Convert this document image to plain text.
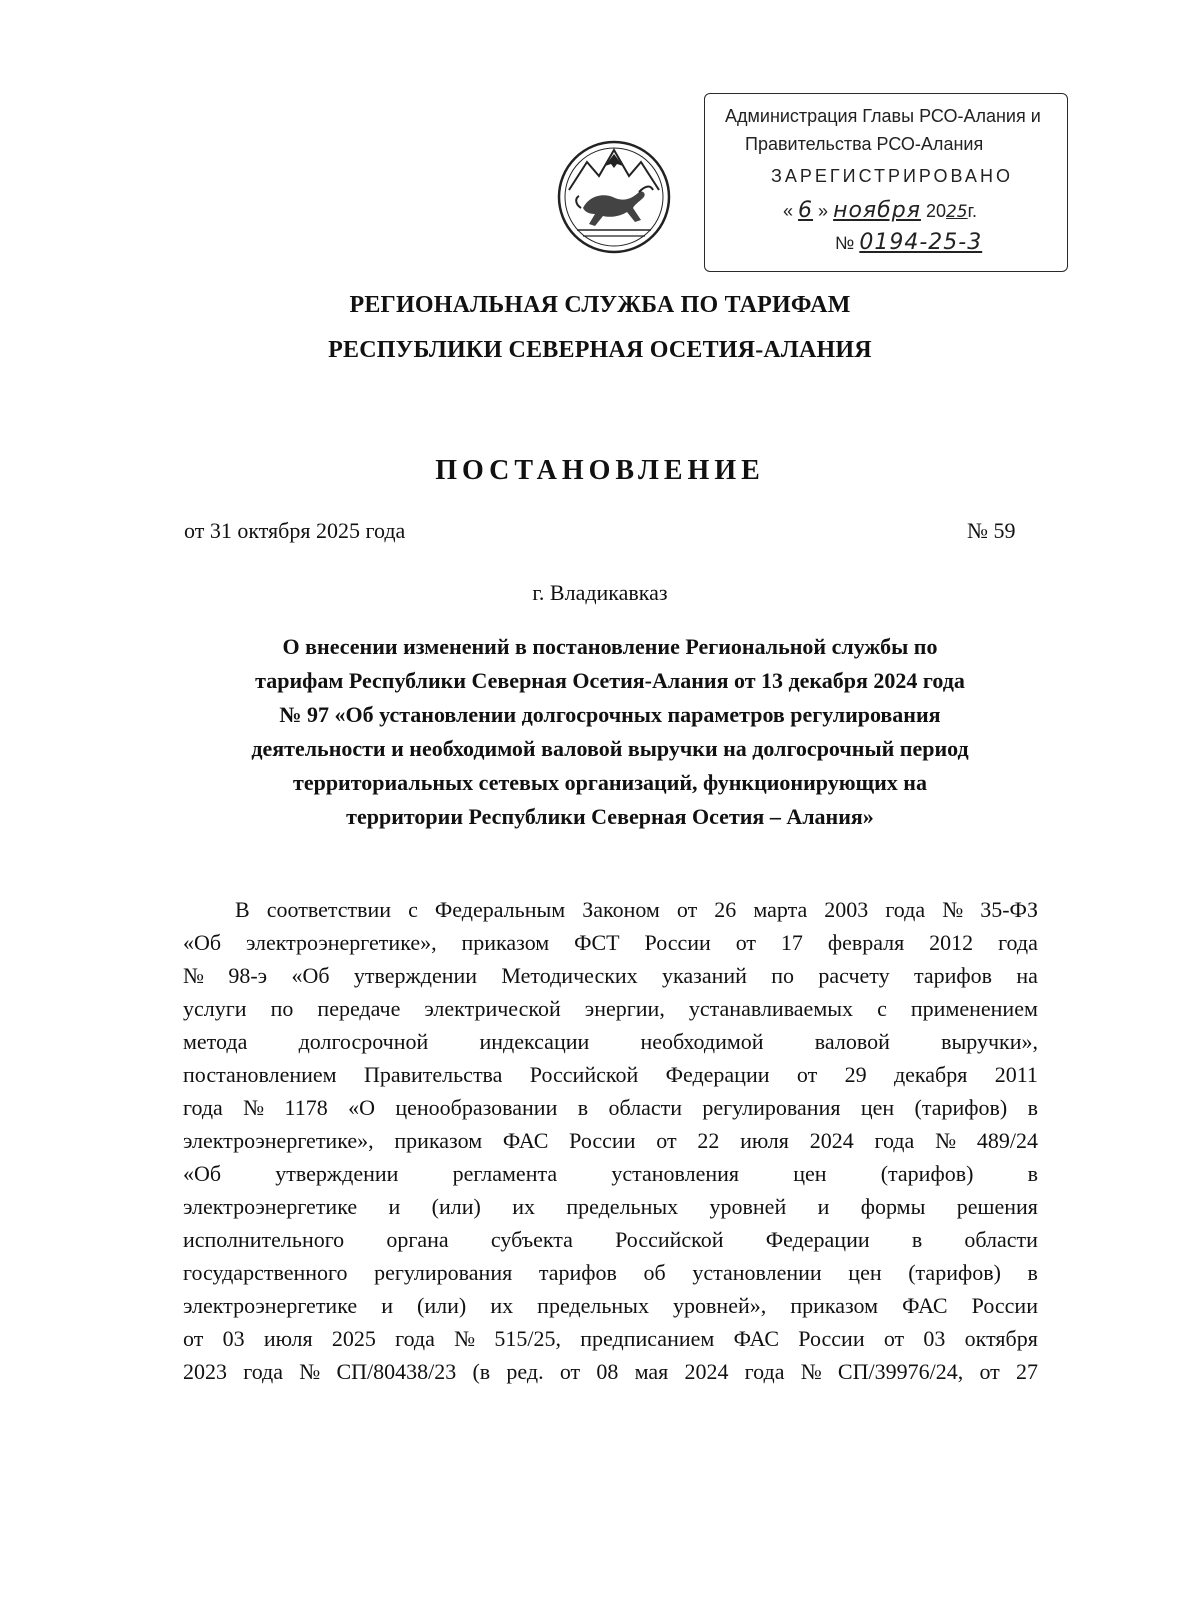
Администрация Главы РСО-Алания и
Правительства РСО-Алания
ЗАРЕГИСТРИРОВАНО
« 6 » ноября 2025г.
№ 0194-25-3
РЕГИОНАЛЬНАЯ СЛУЖБА ПО ТАРИФАМ
РЕСПУБЛИКИ СЕВЕРНАЯ ОСЕТИЯ-АЛАНИЯ
ПОСТАНОВЛЕНИЕ
от 31 октября 2025 года	№ 59
г. Владикавказ
О внесении изменений в постановление Региональной службы по
тарифам Республики Северная Осетия-Алания от 13 декабря 2024 года
№ 97 «Об установлении долгосрочных параметров регулирования
деятельности и необходимой валовой выручки на долгосрочный период
территориальных сетевых организаций, функционирующих на
территории Республики Северная Осетия – Алания»
В соответствии с Федеральным Законом от 26 марта 2003 года № 35-ФЗ
«Об электроэнергетике», приказом ФСТ России от 17 февраля 2012 года
№ 98-э «Об утверждении Методических указаний по расчету тарифов на
услуги по передаче электрической энергии, устанавливаемых с применением
метода долгосрочной индексации необходимой валовой выручки»,
постановлением Правительства Российской Федерации от 29 декабря 2011
года № 1178 «О ценообразовании в области регулирования цен (тарифов) в
электроэнергетике», приказом ФАС России от 22 июля 2024 года № 489/24
«Об утверждении регламента установления цен (тарифов) в
электроэнергетике и (или) их предельных уровней и формы решения
исполнительного органа субъекта Российской Федерации в области
государственного регулирования тарифов об установлении цен (тарифов) в
электроэнергетике и (или) их предельных уровней», приказом ФАС России
от 03 июля 2025 года № 515/25, предписанием ФАС России от 03 октября
2023 года № СП/80438/23 (в ред. от 08 мая 2024 года № СП/39976/24, от 27
